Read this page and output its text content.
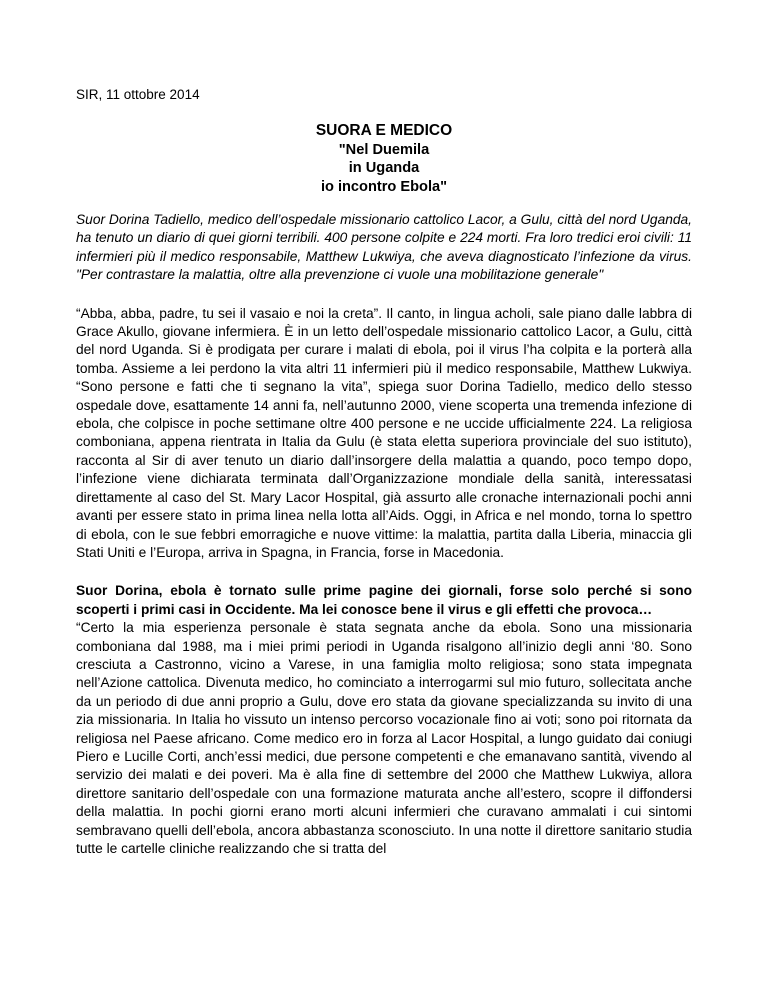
SIR, 11 ottobre 2014
SUORA E MEDICO
"Nel Duemila
in Uganda
io incontro Ebola"

Suor Dorina Tadiello, medico dell’ospedale missionario cattolico Lacor, a Gulu, città del nord Uganda, ha tenuto un diario di quei giorni terribili. 400 persone colpite e 224 morti. Fra loro tredici eroi civili: 11 infermieri più il medico responsabile, Matthew Lukwiya, che aveva diagnosticato l’infezione da virus. "Per contrastare la malattia, oltre alla prevenzione ci vuole una mobilitazione generale"

“Abba, abba, padre, tu sei il vasaio e noi la creta”. Il canto, in lingua acholi, sale piano dalle labbra di Grace Akullo, giovane infermiera. È in un letto dell’ospedale missionario cattolico Lacor, a Gulu, città del nord Uganda. Si è prodigata per curare i malati di ebola, poi il virus l’ha colpita e la porterà alla tomba. Assieme a lei perdono la vita altri 11 infermieri più il medico responsabile, Matthew Lukwiya. “Sono persone e fatti che ti segnano la vita”, spiega suor Dorina Tadiello, medico dello stesso ospedale dove, esattamente 14 anni fa, nell’autunno 2000, viene scoperta una tremenda infezione di ebola, che colpisce in poche settimane oltre 400 persone e ne uccide ufficialmente 224. La religiosa comboniana, appena rientrata in Italia da Gulu (è stata eletta superiora provinciale del suo istituto), racconta al Sir di aver tenuto un diario dall’insorgere della malattia a quando, poco tempo dopo, l’infezione viene dichiarata terminata dall’Organizzazione mondiale della sanità, interessatasi direttamente al caso del St. Mary Lacor Hospital, già assurto alle cronache internazionali pochi anni avanti per essere stato in prima linea nella lotta all’Aids. Oggi, in Africa e nel mondo, torna lo spettro di ebola, con le sue febbri emorragiche e nuove vittime: la malattia, partita dalla Liberia, minaccia gli Stati Uniti e l’Europa, arriva in Spagna, in Francia, forse in Macedonia.

Suor Dorina, ebola è tornato sulle prime pagine dei giornali, forse solo perché si sono scoperti i primi casi in Occidente. Ma lei conosce bene il virus e gli effetti che provoca…

“Certo la mia esperienza personale è stata segnata anche da ebola. Sono una missionaria comboniana dal 1988, ma i miei primi periodi in Uganda risalgono all’inizio degli anni ‘80. Sono cresciuta a Castronno, vicino a Varese, in una famiglia molto religiosa; sono stata impegnata nell’Azione cattolica. Divenuta medico, ho cominciato a interrogarmi sul mio futuro, sollecitata anche da un periodo di due anni proprio a Gulu, dove ero stata da giovane specializzanda su invito di una zia missionaria. In Italia ho vissuto un intenso percorso vocazionale fino ai voti; sono poi ritornata da religiosa nel Paese africano. Come medico ero in forza al Lacor Hospital, a lungo guidato dai coniugi Piero e Lucille Corti, anch’essi medici, due persone competenti e che emanavano santità, vivendo al servizio dei malati e dei poveri. Ma è alla fine di settembre del 2000 che Matthew Lukwiya, allora direttore sanitario dell’ospedale con una formazione maturata anche all’estero, scopre il diffondersi della malattia. In pochi giorni erano morti alcuni infermieri che curavano ammalati i cui sintomi sembravano quelli dell’ebola, ancora abbastanza sconosciuto. In una notte il direttore sanitario studia tutte le cartelle cliniche realizzando che si tratta del
